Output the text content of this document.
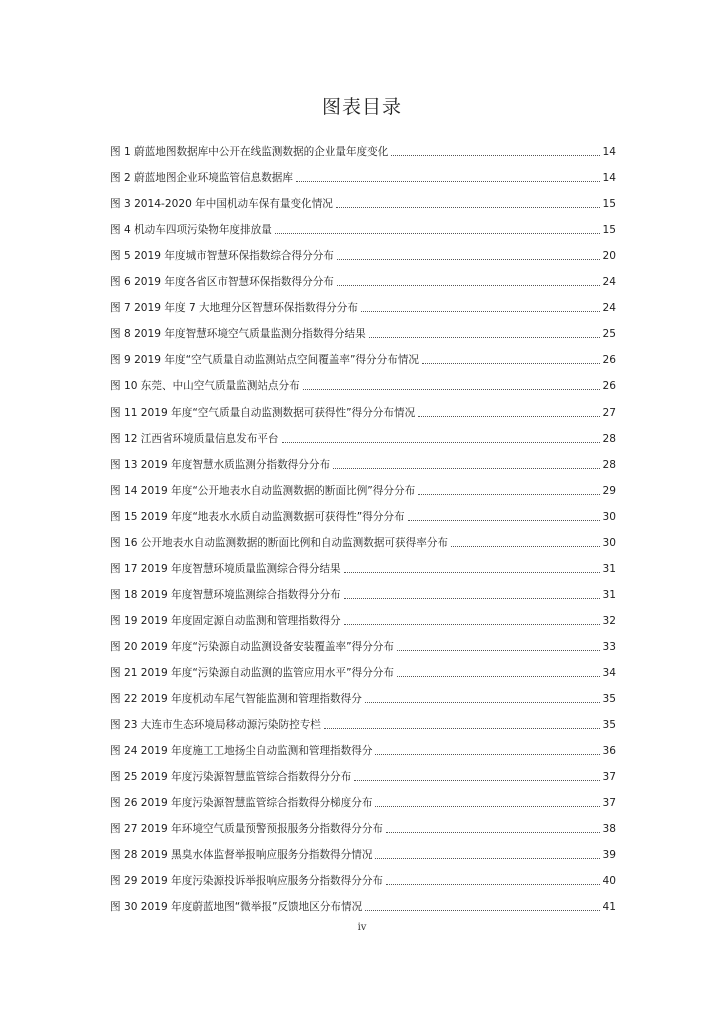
图表目录
图 1 蔚蓝地图数据库中公开在线监测数据的企业量年度变化	14
图 2 蔚蓝地图企业环境监管信息数据库	14
图 3 2014-2020 年中国机动车保有量变化情况	15
图 4 机动车四项污染物年度排放量	15
图 5 2019 年度城市智慧环保指数综合得分分布	20
图 6 2019 年度各省区市智慧环保指数得分分布	24
图 7 2019 年度 7 大地理分区智慧环保指数得分分布	24
图 8 2019 年度智慧环境空气质量监测分指数得分结果	25
图 9 2019 年度“空气质量自动监测站点空间覆盖率”得分分布情况	26
图 10 东莞、中山空气质量监测站点分布	26
图 11 2019 年度“空气质量自动监测数据可获得性”得分分布情况	27
图 12 江西省环境质量信息发布平台	28
图 13 2019 年度智慧水质监测分指数得分分布	28
图 14 2019 年度“公开地表水自动监测数据的断面比例”得分分布	29
图 15 2019 年度“地表水水质自动监测数据可获得性”得分分布	30
图 16 公开地表水自动监测数据的断面比例和自动监测数据可获得率分布	30
图 17 2019 年度智慧环境质量监测综合得分结果	31
图 18 2019 年度智慧环境监测综合指数得分分布	31
图 19 2019 年度固定源自动监测和管理指数得分	32
图 20 2019 年度“污染源自动监测设备安装覆盖率”得分分布	33
图 21 2019 年度“污染源自动监测的监管应用水平”得分分布	34
图 22 2019 年度机动车尾气智能监测和管理指数得分	35
图 23 大连市生态环境局移动源污染防控专栏	35
图 24 2019 年度施工工地扬尘自动监测和管理指数得分	36
图 25 2019 年度污染源智慧监管综合指数得分分布	37
图 26 2019 年度污染源智慧监管综合指数得分梯度分布	37
图 27 2019 年环境空气质量预警预报服务分指数得分分布	38
图 28 2019 黑臭水体监督举报响应服务分指数得分情况	39
图 29 2019 年度污染源投诉举报响应服务分指数得分分布	40
图 30 2019 年度蔚蓝地图“微举报”反馈地区分布情况	41
iv
